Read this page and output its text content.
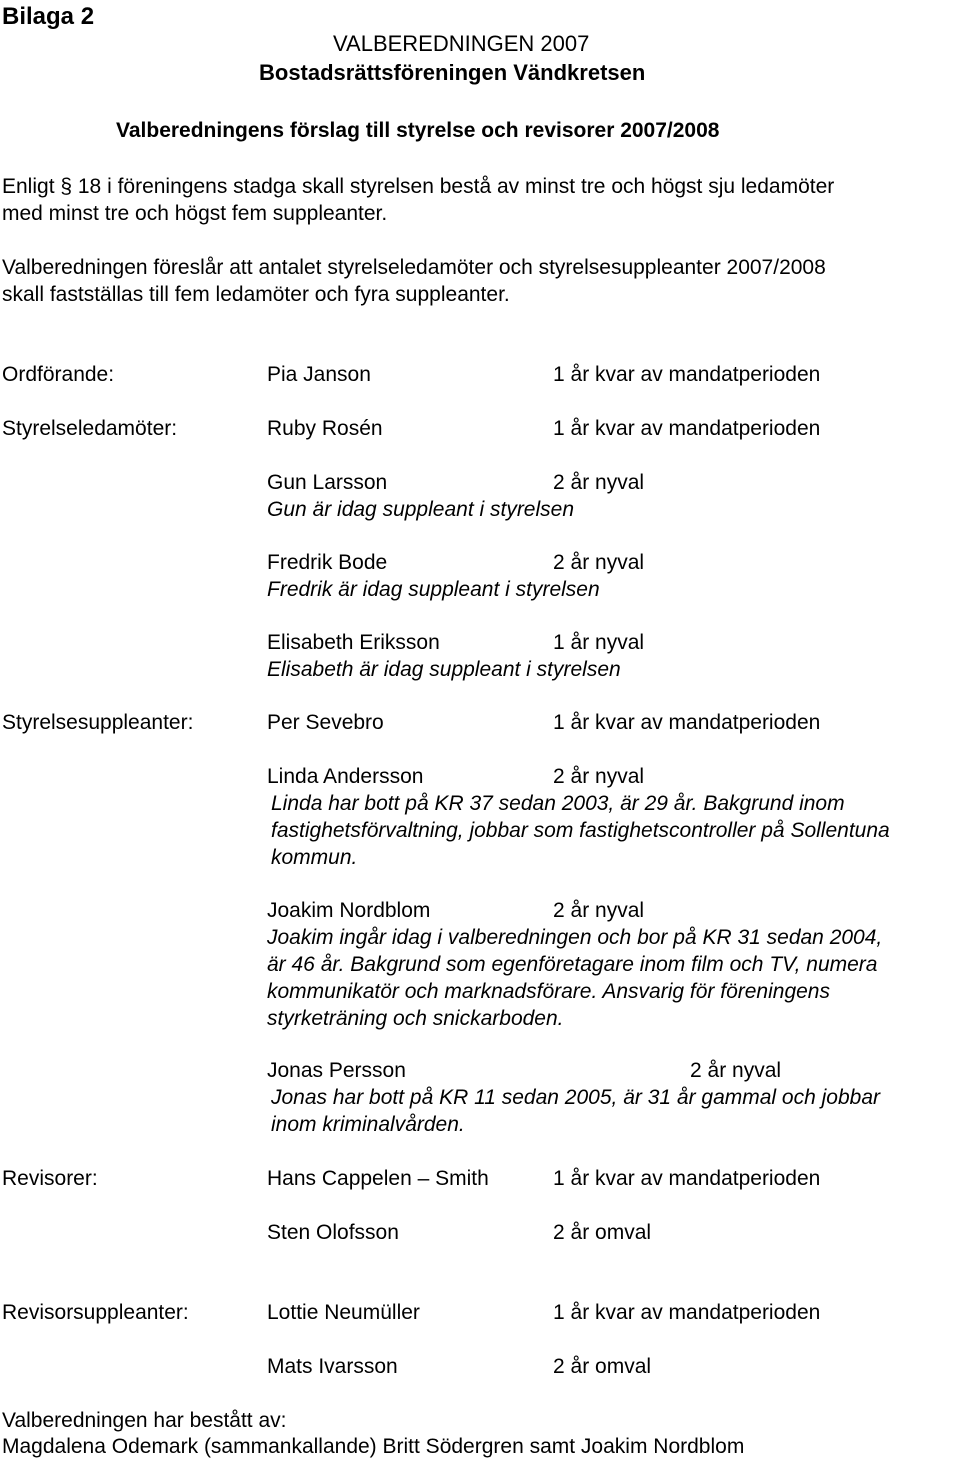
Bilaga 2
VALBEREDNINGEN 2007
Bostadsrättsföreningen Vändkretsen
Valberedningens förslag till styrelse och revisorer 2007/2008
Enligt § 18 i föreningens stadga skall styrelsen bestå av minst tre och högst sju ledamöter
med minst tre och högst fem suppleanter.
Valberedningen föreslår att antalet styrelseledamöter och styrelsesuppleanter 2007/2008
skall fastställas till fem ledamöter och fyra suppleanter.
Ordförande:	Pia Janson	1 år kvar av mandatperioden
Styrelseledamöter:	Ruby Rosén	1 år kvar av mandatperioden
Gun Larsson	2 år nyval
Gun är idag suppleant i styrelsen
Fredrik Bode	2 år nyval
Fredrik är idag suppleant i styrelsen
Elisabeth Eriksson	1 år nyval
Elisabeth är idag suppleant i styrelsen
Styrelsesuppleanter:	Per Sevebro	1 år kvar av mandatperioden
Linda Andersson	2 år nyval
Linda har bott på KR 37 sedan 2003, är 29 år. Bakgrund inom
fastighetsförvaltning, jobbar som fastighetscontroller på Sollentuna
kommun.
Joakim Nordblom	2 år nyval
Joakim ingår idag i valberedningen och bor på KR 31 sedan 2004,
är 46 år. Bakgrund som egenföretagare inom film och TV, numera
kommunikatör och marknadsförare. Ansvarig för föreningens
styrketräning och snickarboden.
Jonas Persson	2 år nyval
Jonas har bott på KR 11 sedan 2005, är 31 år gammal och jobbar
inom kriminalvården.
Revisorer:	Hans Cappelen – Smith	1 år kvar av mandatperioden
Sten Olofsson	2 år omval
Revisorsuppleanter:	Lottie Neumüller	1 år kvar av mandatperioden
Mats Ivarsson	2 år omval
Valberedningen har bestått av:
Magdalena Odemark (sammankallande) Britt Södergren samt Joakim Nordblom
